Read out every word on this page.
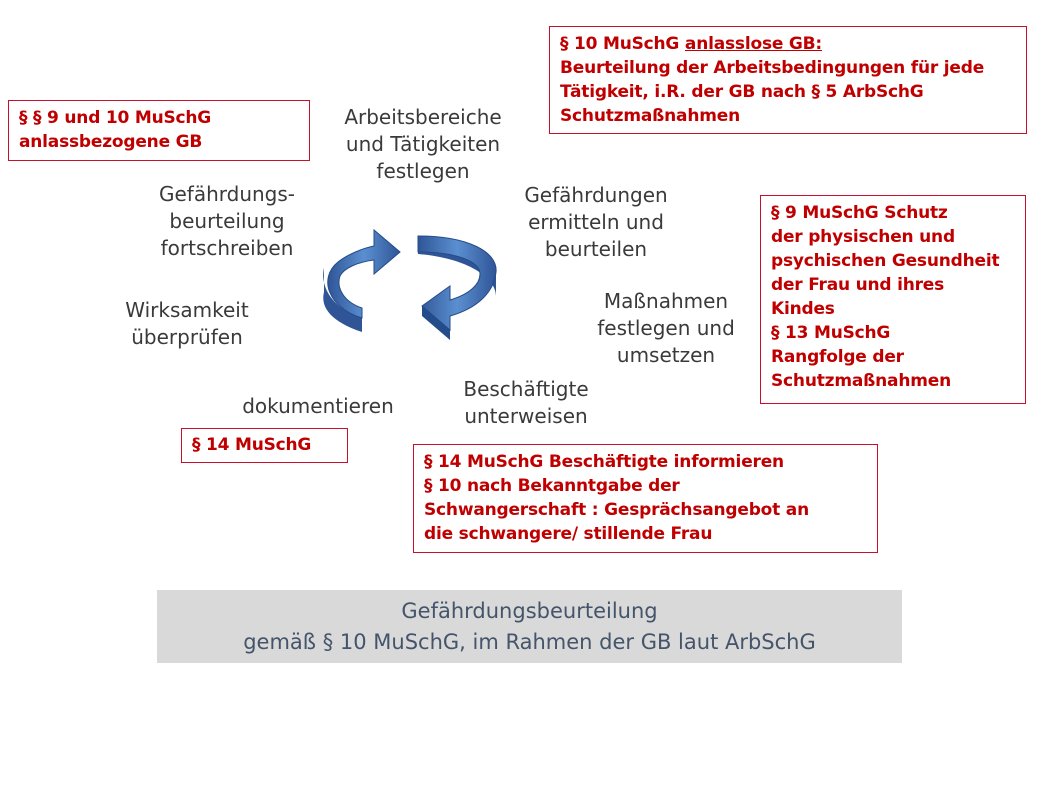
Arbeitsbereiche
und Tätigkeiten
festlegen
Gefährdungen
ermitteln und
beurteilen
Maßnahmen
festlegen und
umsetzen
Beschäftigte
unterweisen
dokumentieren
Wirksamkeit
überprüfen
Gefährdungs-
beurteilung
fortschreiben
§ § 9 und 10 MuSchG
anlassbezogene GB
§ 10 MuSchG anlasslose GB:
Beurteilung der Arbeitsbedingungen für jede
Tätigkeit, i.R. der GB nach § 5 ArbSchG
Schutzmaßnahmen
§ 9 MuSchG Schutz
der physischen und
psychischen Gesundheit
der Frau und ihres
Kindes
§ 13 MuSchG
Rangfolge der
Schutzmaßnahmen
§ 14 MuSchG
§ 14 MuSchG Beschäftigte informieren
§ 10 nach Bekanntgabe der
Schwangerschaft : Gesprächsangebot an
die schwangere/ stillende Frau
Gefährdungsbeurteilung
gemäß § 10 MuSchG, im Rahmen der GB laut ArbSchG
